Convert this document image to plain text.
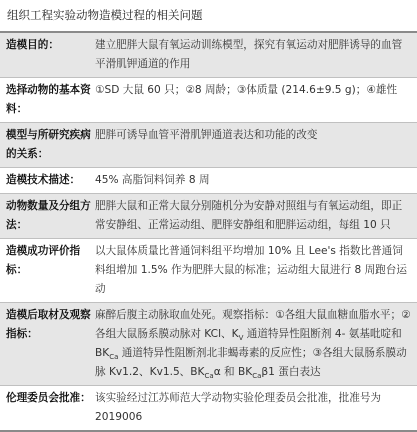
组织工程实验动物造模过程的相关问题
造模目的：	建立肥胖大鼠有氧运动训练模型，探究有氧运动对肥胖诱导的血管平滑肌钾通道的作用
选择动物的基本资料：	①SD 大鼠 60 只；②8 周龄；③体质量 (214.6±9.5 g)；④雄性
模型与所研究疾病的关系：	肥胖可诱导血管平滑肌钾通道表达和功能的改变
造模技术描述：	45% 高脂饲料饲养 8 周
动物数量及分组方法：	肥胖大鼠和正常大鼠分别随机分为安静对照组与有氧运动组，即正常安静组、正常运动组、肥胖安静组和肥胖运动组，每组 10 只
造模成功评价指标：	以大鼠体质量比普通饲料组平均增加 10% 且 Lee's 指数比普通饲料组增加 1.5% 作为肥胖大鼠的标准；运动组大鼠进行 8 周跑台运动
造模后取材及观察指标：	麻醉后腹主动脉取血处死。观察指标：①各组大鼠血糖血脂水平；②各组大鼠肠系膜动脉对 KCl、$K_V$ 通道特异性阻断剂 4- 氨基吡啶和 $BK_{Ca}$ 通道特异性阻断剂北非蝎毒素的反应性；③各组大鼠肠系膜动脉 Kv1.2、Kv1.5、$BK_{Ca}\alpha$ 和 $BK_{Ca}\beta 1$ 蛋白表达
伦理委员会批准：	该实验经过江苏师范大学动物实验伦理委员会批准，批准号为 2019006
